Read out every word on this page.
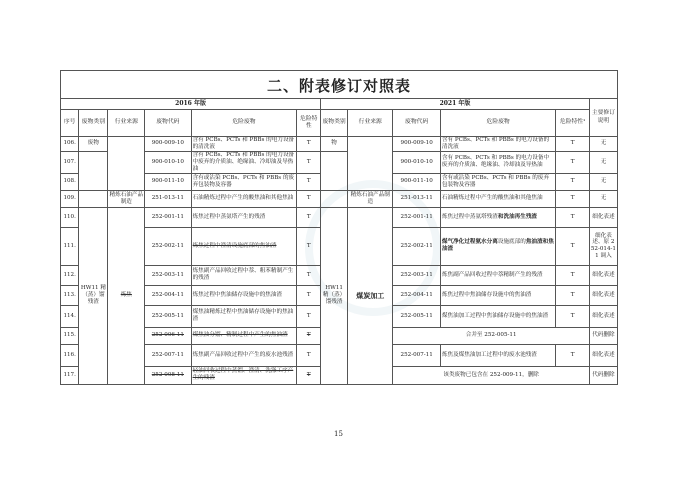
二、附表修订对照表
2016 年版						2021 年版					主要修订说明
序号	废物类别	行业来源	废物代码	危险废物	危险特性	废物类别	行业来源	废物代码	危险废物	危险特性¹	
106.	废物		900-009-10	含有 PCBs、PCTs 和 PBBs 的电力设备的清洗液	T	物		900-009-10	含有 PCBs、PCTs 和 PBBs 的电力设备的清洗液	T	无
107.			900-010-10	含有 PCBs、PCTs 和 PBBs 的电力设备中废弃的介质油、绝缘油、冷却油及导热油	T			900-010-10	含有 PCBs、PCTs 和 PBBs 的电力设备中废弃的介质油、绝缘油、冷却油及导热油	T	无
108.			900-011-10	含有或沾染 PCBs、PCTs 和 PBBs 的废弃包装物及容器	T			900-011-10	含有或沾染 PCBs、PCTs 和 PBBs 的废弃包装物及容器	T	无
109.		精炼石油产品制造	251-013-11	石油精炼过程中产生的酸焦油和其他焦油	T		精炼石油产品制造	251-013-11	石油精炼过程中产生的酸焦油和其他焦油	T	无
110.	HW11 精（蒸）馏残渣	炼焦	252-001-11	炼焦过程中蒸氨塔产生的残渣	T	HW11 精（蒸）馏残渣	煤炭加工	252-001-11	炼焦过程中蒸氨塔残渣和洗油再生残渣	T	细化表述
111.			252-002-11	炼焦过程中澄清设施底部的焦油渣	T			252-002-11	煤气净化过程氨水分离设施底部的焦油渣和焦油渣	T	细化表述、原 252-014-11 调入
112.			252-003-11	炼焦副产品回收过程中萘、粗苯精制产生的残渣	T			252-003-11	炼焦副产品回收过程中萘精制产生的残渣	T	细化表述
113.			252-004-11	炼焦过程中焦油储存设施中的焦油渣	T			252-004-11	炼焦过程中焦油储存设施中的焦油渣	T	细化表述
114.			252-005-11	煤焦油精炼过程中焦油储存设施中的焦油渣	T			252-005-11	煤焦油加工过程中焦油储存设施中的焦油渣	T	细化表述
115.			252-006-11	煤焦油分馏、精制过程中产生的焦油渣	T			合并至 252-005-11			代码删除
116.			252-007-11	炼焦副产品回收过程中产生的废水池残渣	T			252-007-11	炼焦及煤焦油加工过程中的废水池残渣	T	细化表述
117.			252-008-11	轻油回收过程中蒸馏、澄清、洗涤工序产生的残渣	T			该类废物已包含在 252-009-11，删除			代码删除
15
